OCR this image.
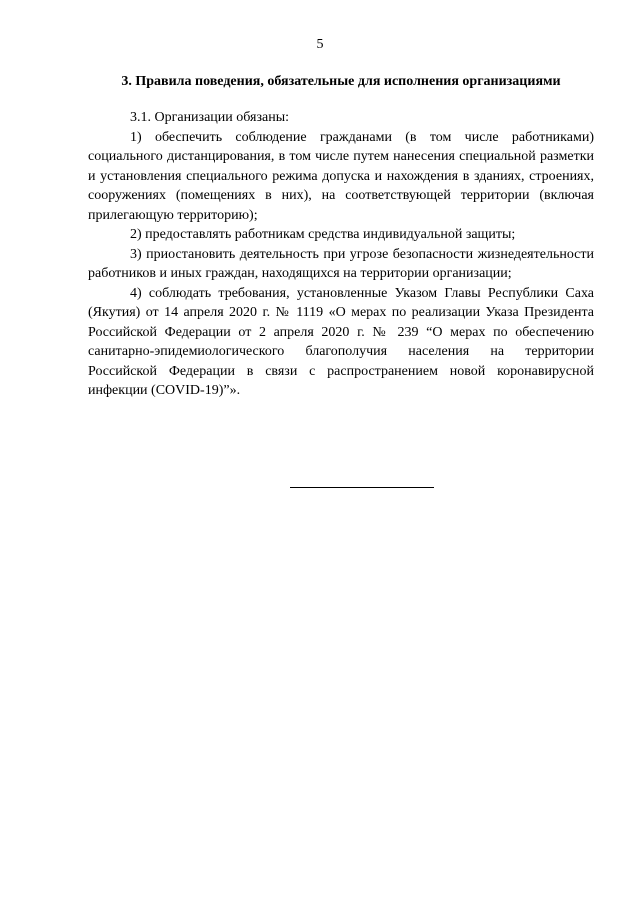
5
3. Правила поведения, обязательные для исполнения организациями

3.1. Организации обязаны:

1) обеспечить соблюдение гражданами (в том числе работниками) социального дистанцирования, в том числе путем нанесения специальной разметки и установления специального режима допуска и нахождения в зданиях, строениях, сооружениях (помещениях в них), на соответствующей территории (включая прилегающую территорию);

2) предоставлять работникам средства индивидуальной защиты;

3) приостановить деятельность при угрозе безопасности жизнедеятельности работников и иных граждан, находящихся на территории организации;

4) соблюдать требования, установленные Указом Главы Республики Саха (Якутия) от 14 апреля 2020 г. № 1119 «О мерах по реализации Указа Президента Российской Федерации от 2 апреля 2020 г. № 239 “О мерах по обеспечению санитарно-эпидемиологического благополучия населения на территории Российской Федерации в связи с распространением новой коронавирусной инфекции (COVID-19)”».
